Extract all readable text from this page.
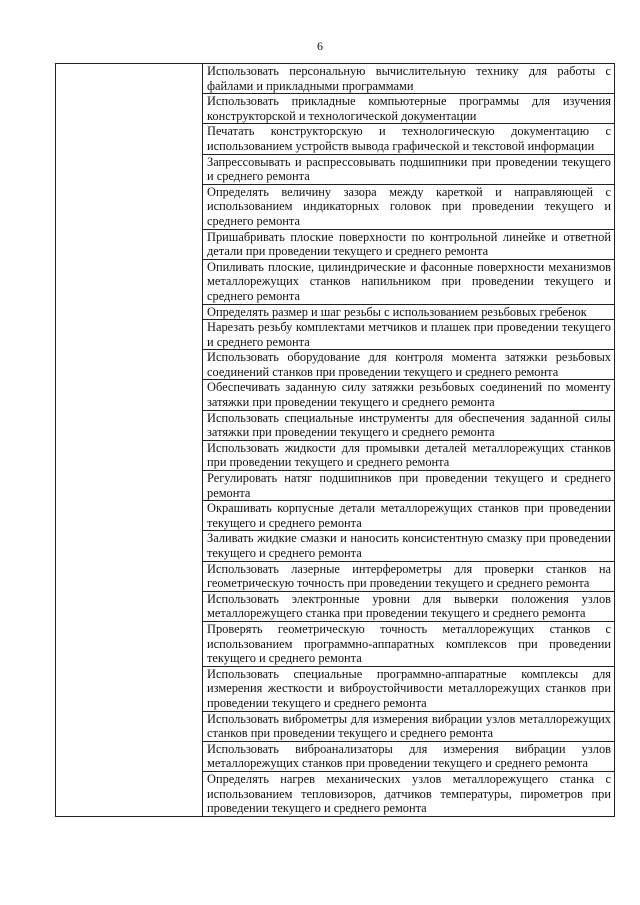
6
	Использовать персональную вычислительную технику для работы с файлами и прикладными программами
Использовать прикладные компьютерные программы для изучения конструкторской и технологической документации
Печатать конструкторскую и технологическую документацию с использованием устройств вывода графической и текстовой информации
Запрессовывать и распрессовывать подшипники при проведении текущего и среднего ремонта
Определять величину зазора между кареткой и направляющей с использованием индикаторных головок при проведении текущего и среднего ремонта
Пришабривать плоские поверхности по контрольной линейке и ответной детали при проведении текущего и среднего ремонта
Опиливать плоские, цилиндрические и фасонные поверхности механизмов металлорежущих станков напильником при проведении текущего и среднего ремонта
Определять размер и шаг резьбы с использованием резьбовых гребенок
Нарезать резьбу комплектами метчиков и плашек при проведении текущего и среднего ремонта
Использовать оборудование для контроля момента затяжки резьбовых соединений станков при проведении текущего и среднего ремонта
Обеспечивать заданную силу затяжки резьбовых соединений по моменту затяжки при проведении текущего и среднего ремонта
Использовать специальные инструменты для обеспечения заданной силы затяжки при проведении текущего и среднего ремонта
Использовать жидкости для промывки деталей металлорежущих станков при проведении текущего и среднего ремонта
Регулировать натяг подшипников при проведении текущего и среднего ремонта
Окрашивать корпусные детали металлорежущих станков при проведении текущего и среднего ремонта
Заливать жидкие смазки и наносить консистентную смазку при проведении текущего и среднего ремонта
Использовать лазерные интерферометры для проверки станков на геометрическую точность при проведении текущего и среднего ремонта
Использовать электронные уровни для выверки положения узлов металлорежущего станка при проведении текущего и среднего ремонта
Проверять геометрическую точность металлорежущих станков с использованием программно-аппаратных комплексов при проведении текущего и среднего ремонта
Использовать специальные программно-аппаратные комплексы для измерения жесткости и виброустойчивости металлорежущих станков при проведении текущего и среднего ремонта
Использовать виброметры для измерения вибрации узлов металлорежущих станков при проведении текущего и среднего ремонта
Использовать виброанализаторы для измерения вибрации узлов металлорежущих станков при проведении текущего и среднего ремонта
Определять нагрев механических узлов металлорежущего станка с использованием тепловизоров, датчиков температуры, пирометров при проведении текущего и среднего ремонта
